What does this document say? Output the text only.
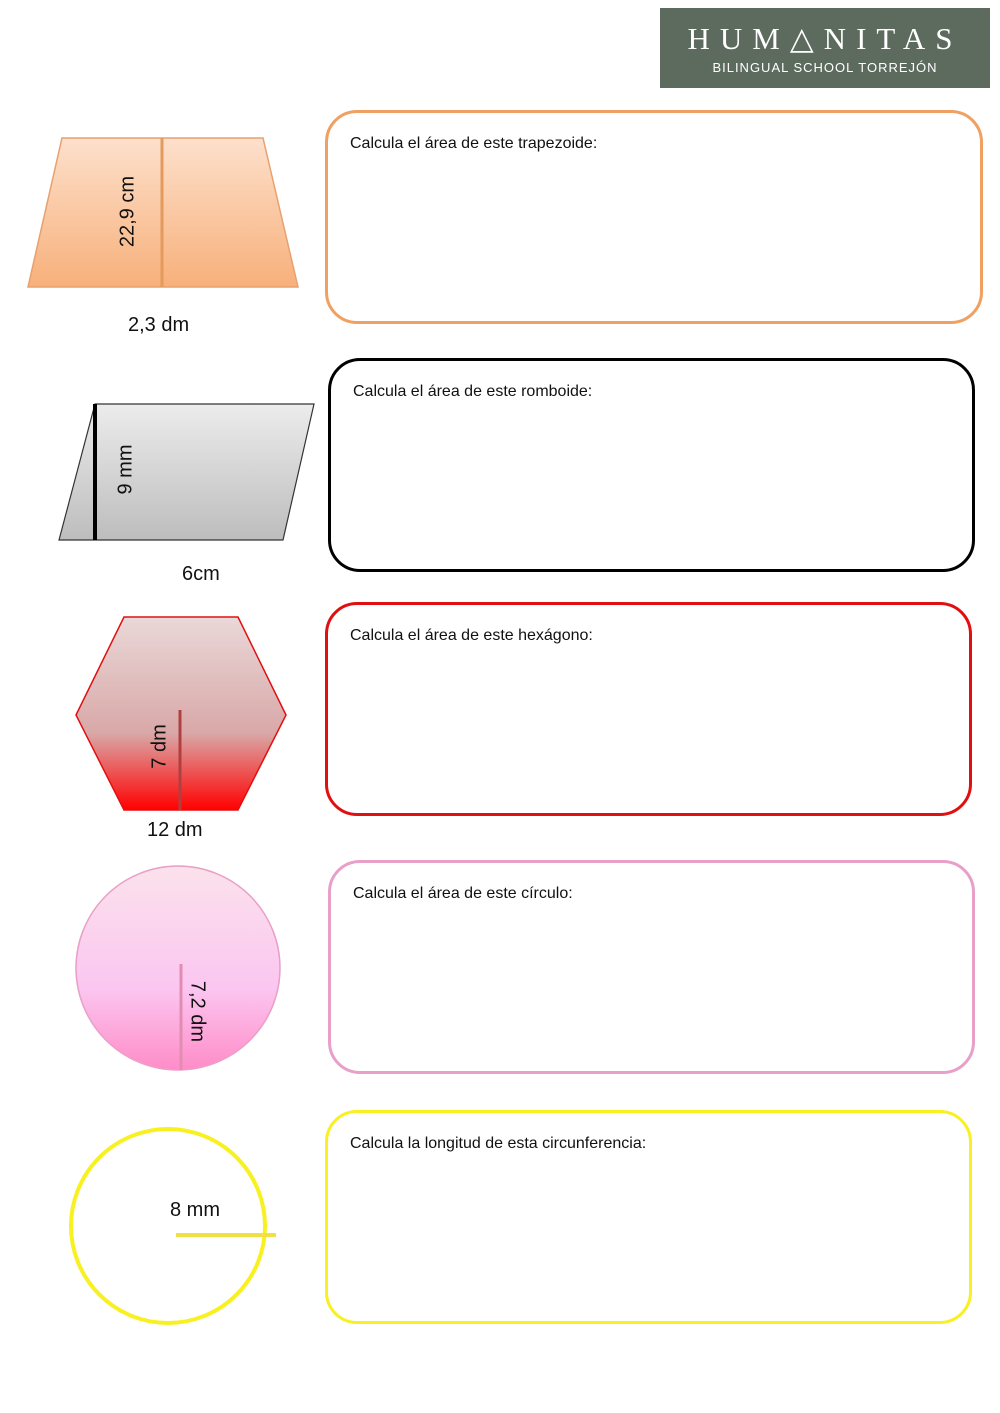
HUM△NITAS
BILINGUAL SCHOOL TORREJÓN
22,9 cm
2,3 dm
Calcula el área de este trapezoide:
9 mm
6cm
Calcula el área de este romboide:
7 dm
12 dm
Calcula el área de este hexágono:
7,2 dm
Calcula el área de este círculo:
8 mm
Calcula la longitud de esta circunferencia:
